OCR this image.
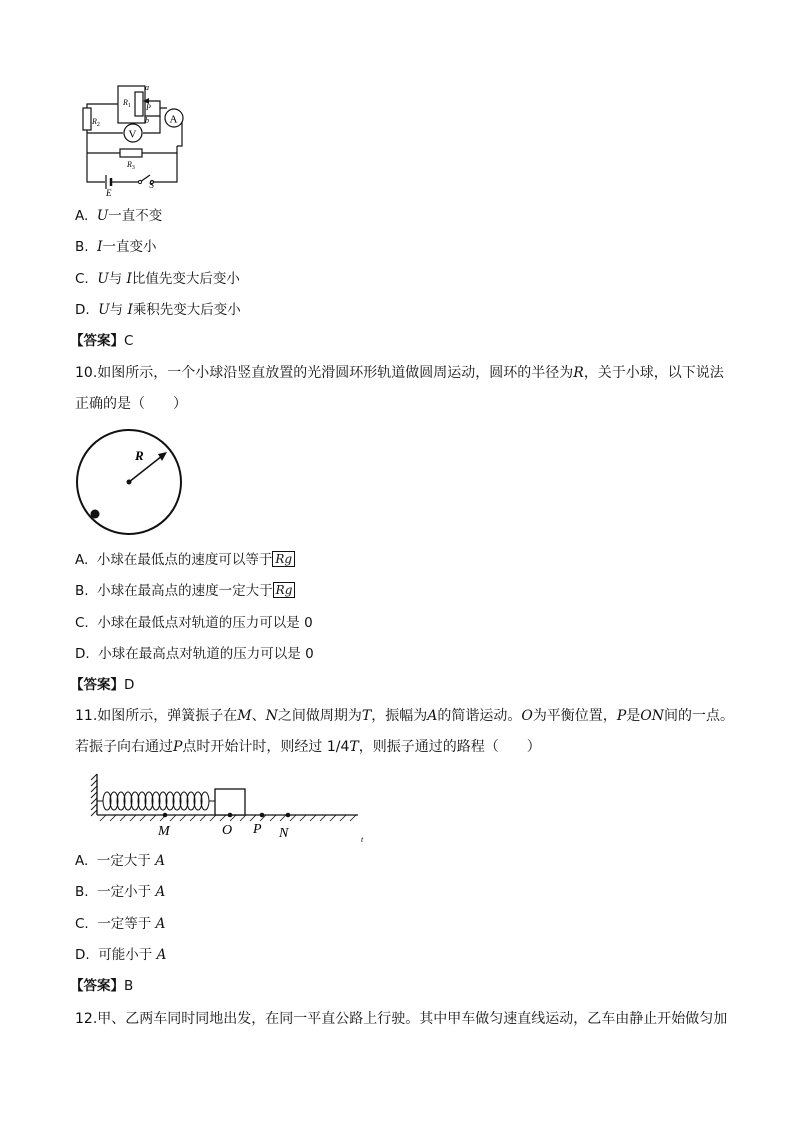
V
A
a
P
b
$R_1$
$R_2$
$R_3$
E
S
A. U一直不变
B. I一直变小
C. U与 I比值先变大后变小
D. U与 I乘积先变大后变小
【答案】C
10.如图所示，一个小球沿竖直放置的光滑圆环形轨道做圆周运动，圆环的半径为R，关于小球，以下说法
正确的是（　　）
R
A. 小球在最低点的速度可以等于 Rg
B. 小球在最高点的速度一定大于 Rg
C. 小球在最低点对轨道的压力可以是 0
D. 小球在最高点对轨道的压力可以是 0
【答案】D
11.如图所示，弹簧振子在M、N之间做周期为T，振幅为A的简谐运动。O为平衡位置，P是ON间的一点。
若振子向右通过P点时开始计时，则经过 1/4T，则振子通过的路程（　　）
M	O P N	t
A. 一定大于 A
B. 一定小于 A
C. 一定等于 A
D. 可能小于 A
【答案】B
12.甲、乙两车同时同地出发，在同一平直公路上行驶。其中甲车做匀速直线运动，乙车由静止开始做匀加
